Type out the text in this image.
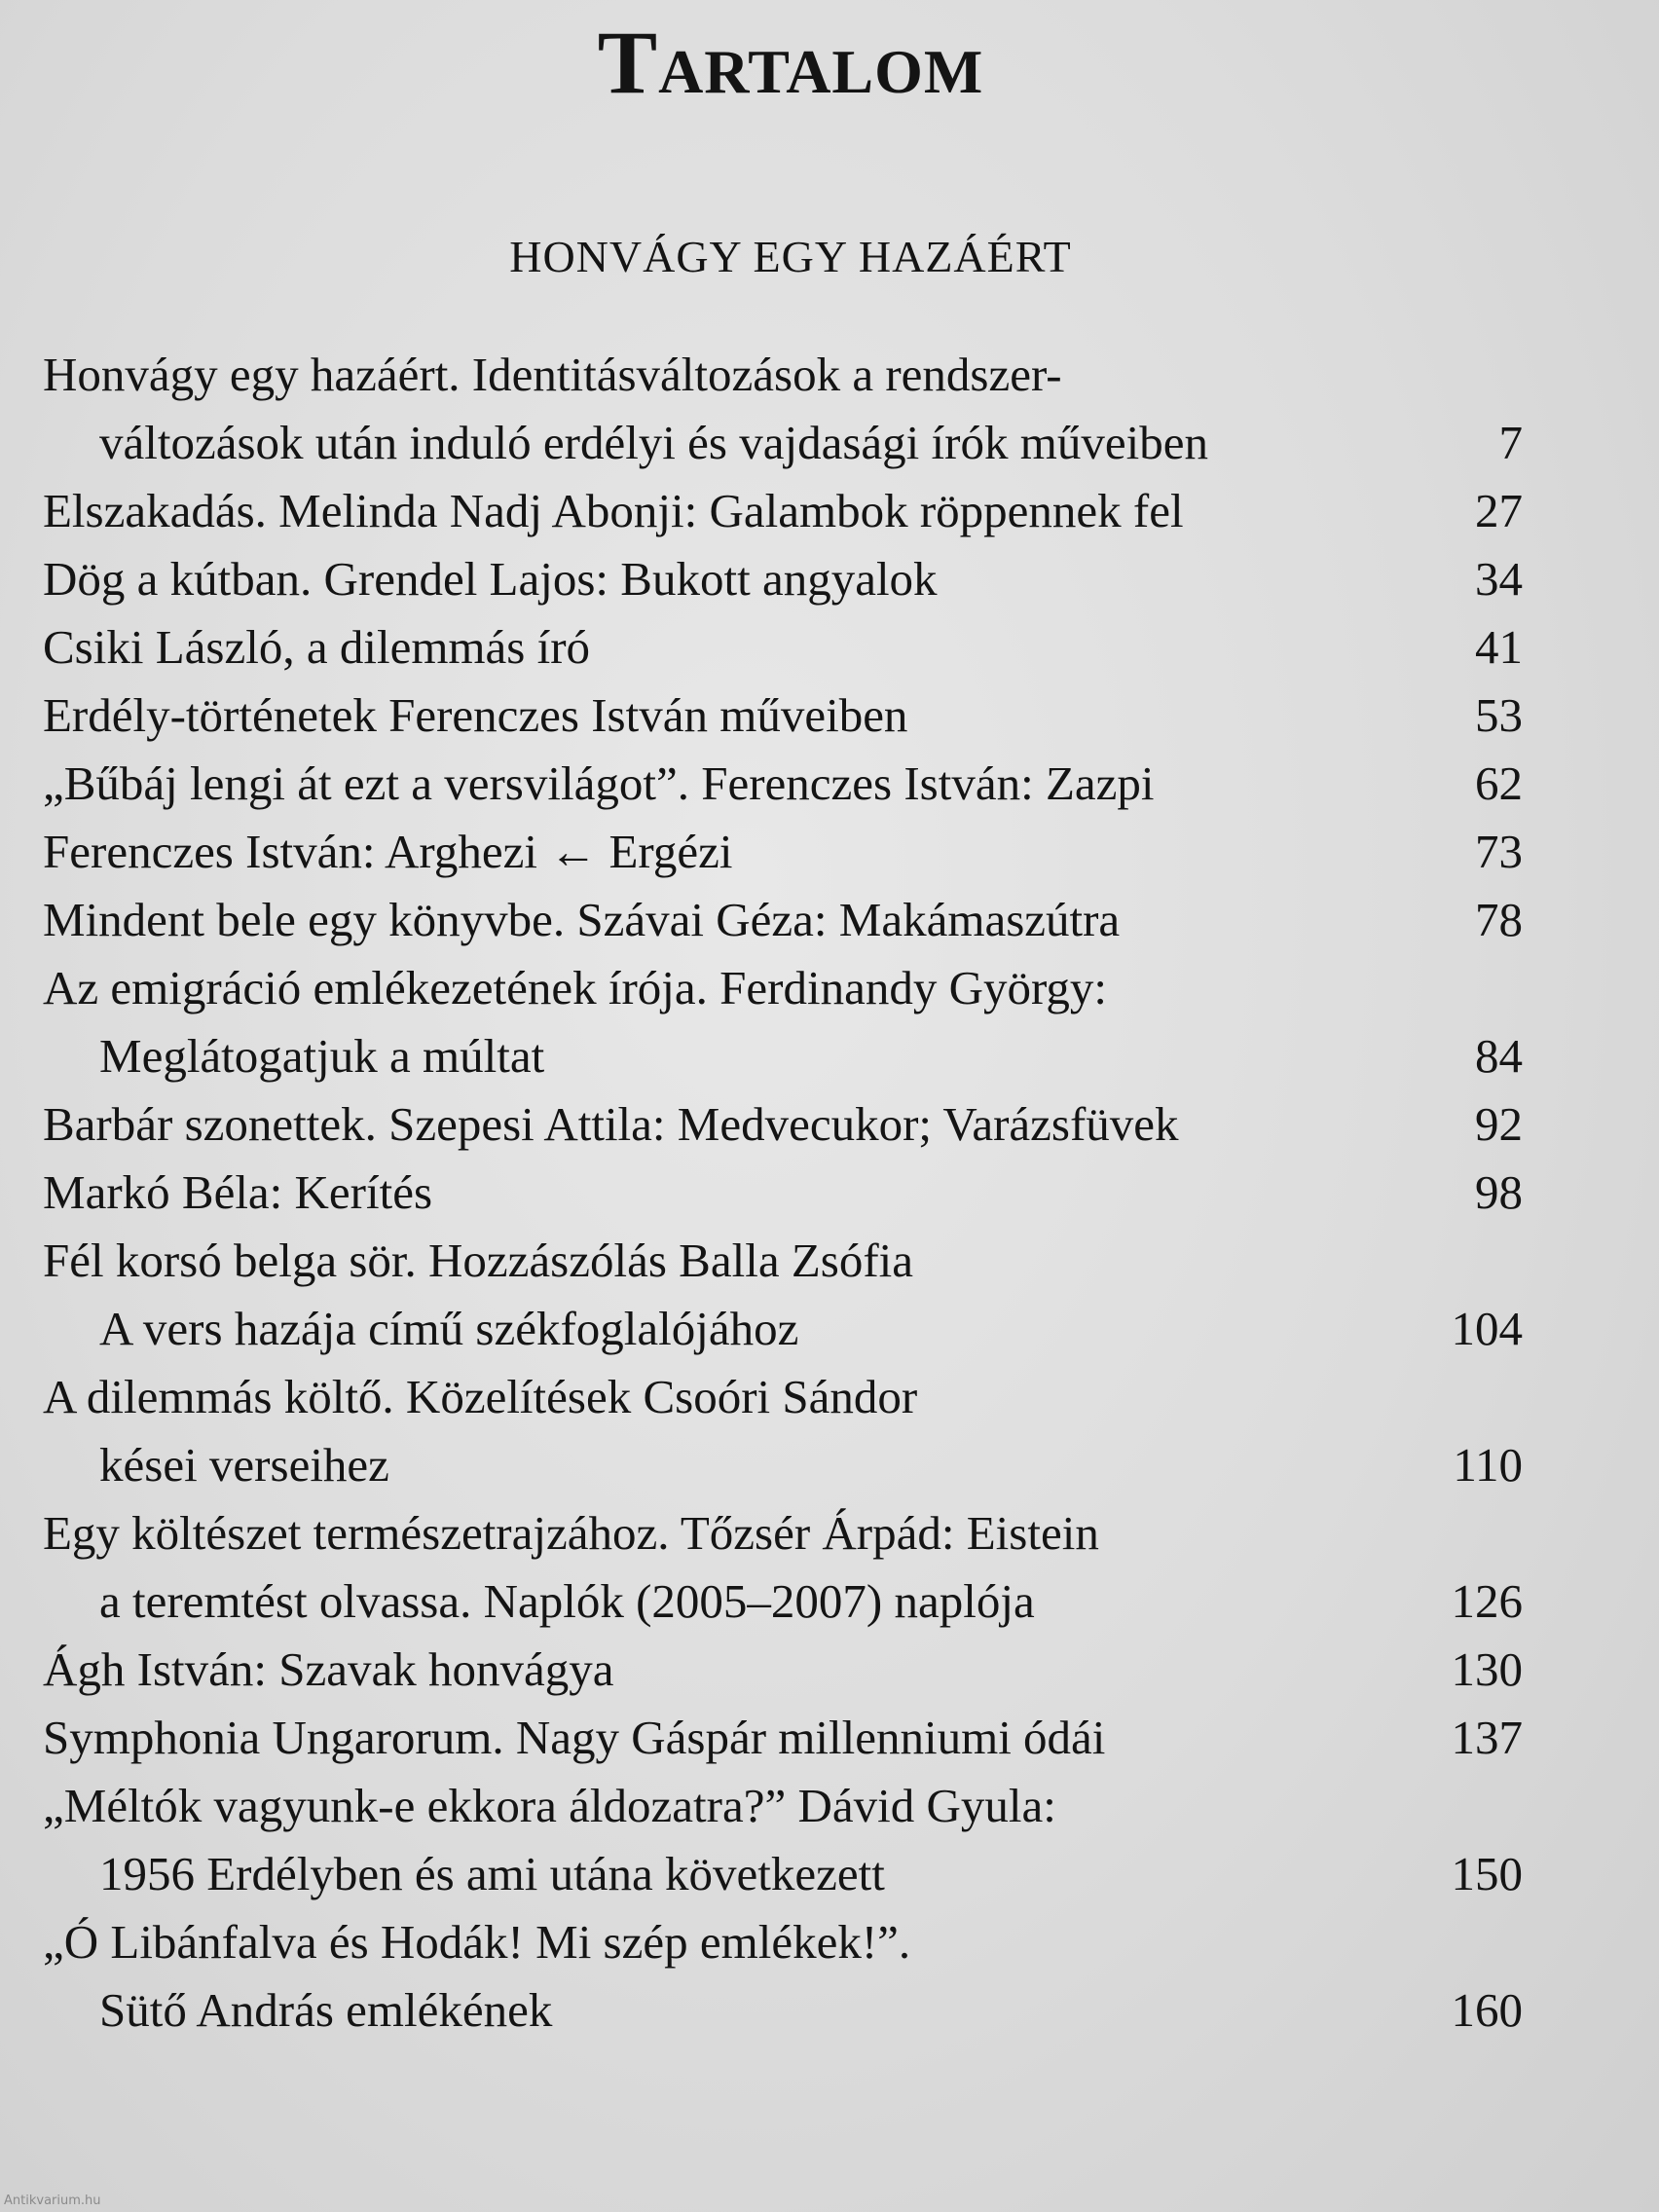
Tartalom
HONVÁGY EGY HAZÁÉRT
Honvágy egy hazáért. Identitásváltozások a rendszer-
változások után induló erdélyi és vajdasági írók műveiben	7
Elszakadás. Melinda Nadj Abonji: Galambok röppennek fel	27
Dög a kútban. Grendel Lajos: Bukott angyalok	34
Csiki László, a dilemmás író	41
Erdély-történetek Ferenczes István műveiben	53
„Bűbáj lengi át ezt a versvilágot”. Ferenczes István: Zazpi	62
Ferenczes István: Arghezi ← Ergézi	73
Mindent bele egy könyvbe. Szávai Géza: Makámaszútra	78
Az emigráció emlékezetének írója. Ferdinandy György:
Meglátogatjuk a múltat	84
Barbár szonettek. Szepesi Attila: Medvecukor; Varázsfüvek	92
Markó Béla: Kerítés	98
Fél korsó belga sör. Hozzászólás Balla Zsófia
A vers hazája című székfoglalójához	104
A dilemmás költő. Közelítések Csoóri Sándor
kései verseihez	110
Egy költészet természetrajzához. Tőzsér Árpád: Eistein
a teremtést olvassa. Naplók (2005–2007) naplója	126
Ágh István: Szavak honvágya	130
Symphonia Ungarorum. Nagy Gáspár millenniumi ódái	137
„Méltók vagyunk-e ekkora áldozatra?” Dávid Gyula:
1956 Erdélyben és ami utána következett	150
„Ó Libánfalva és Hodák! Mi szép emlékek!”.
Sütő András emlékének	160
Antikvarium.hu
